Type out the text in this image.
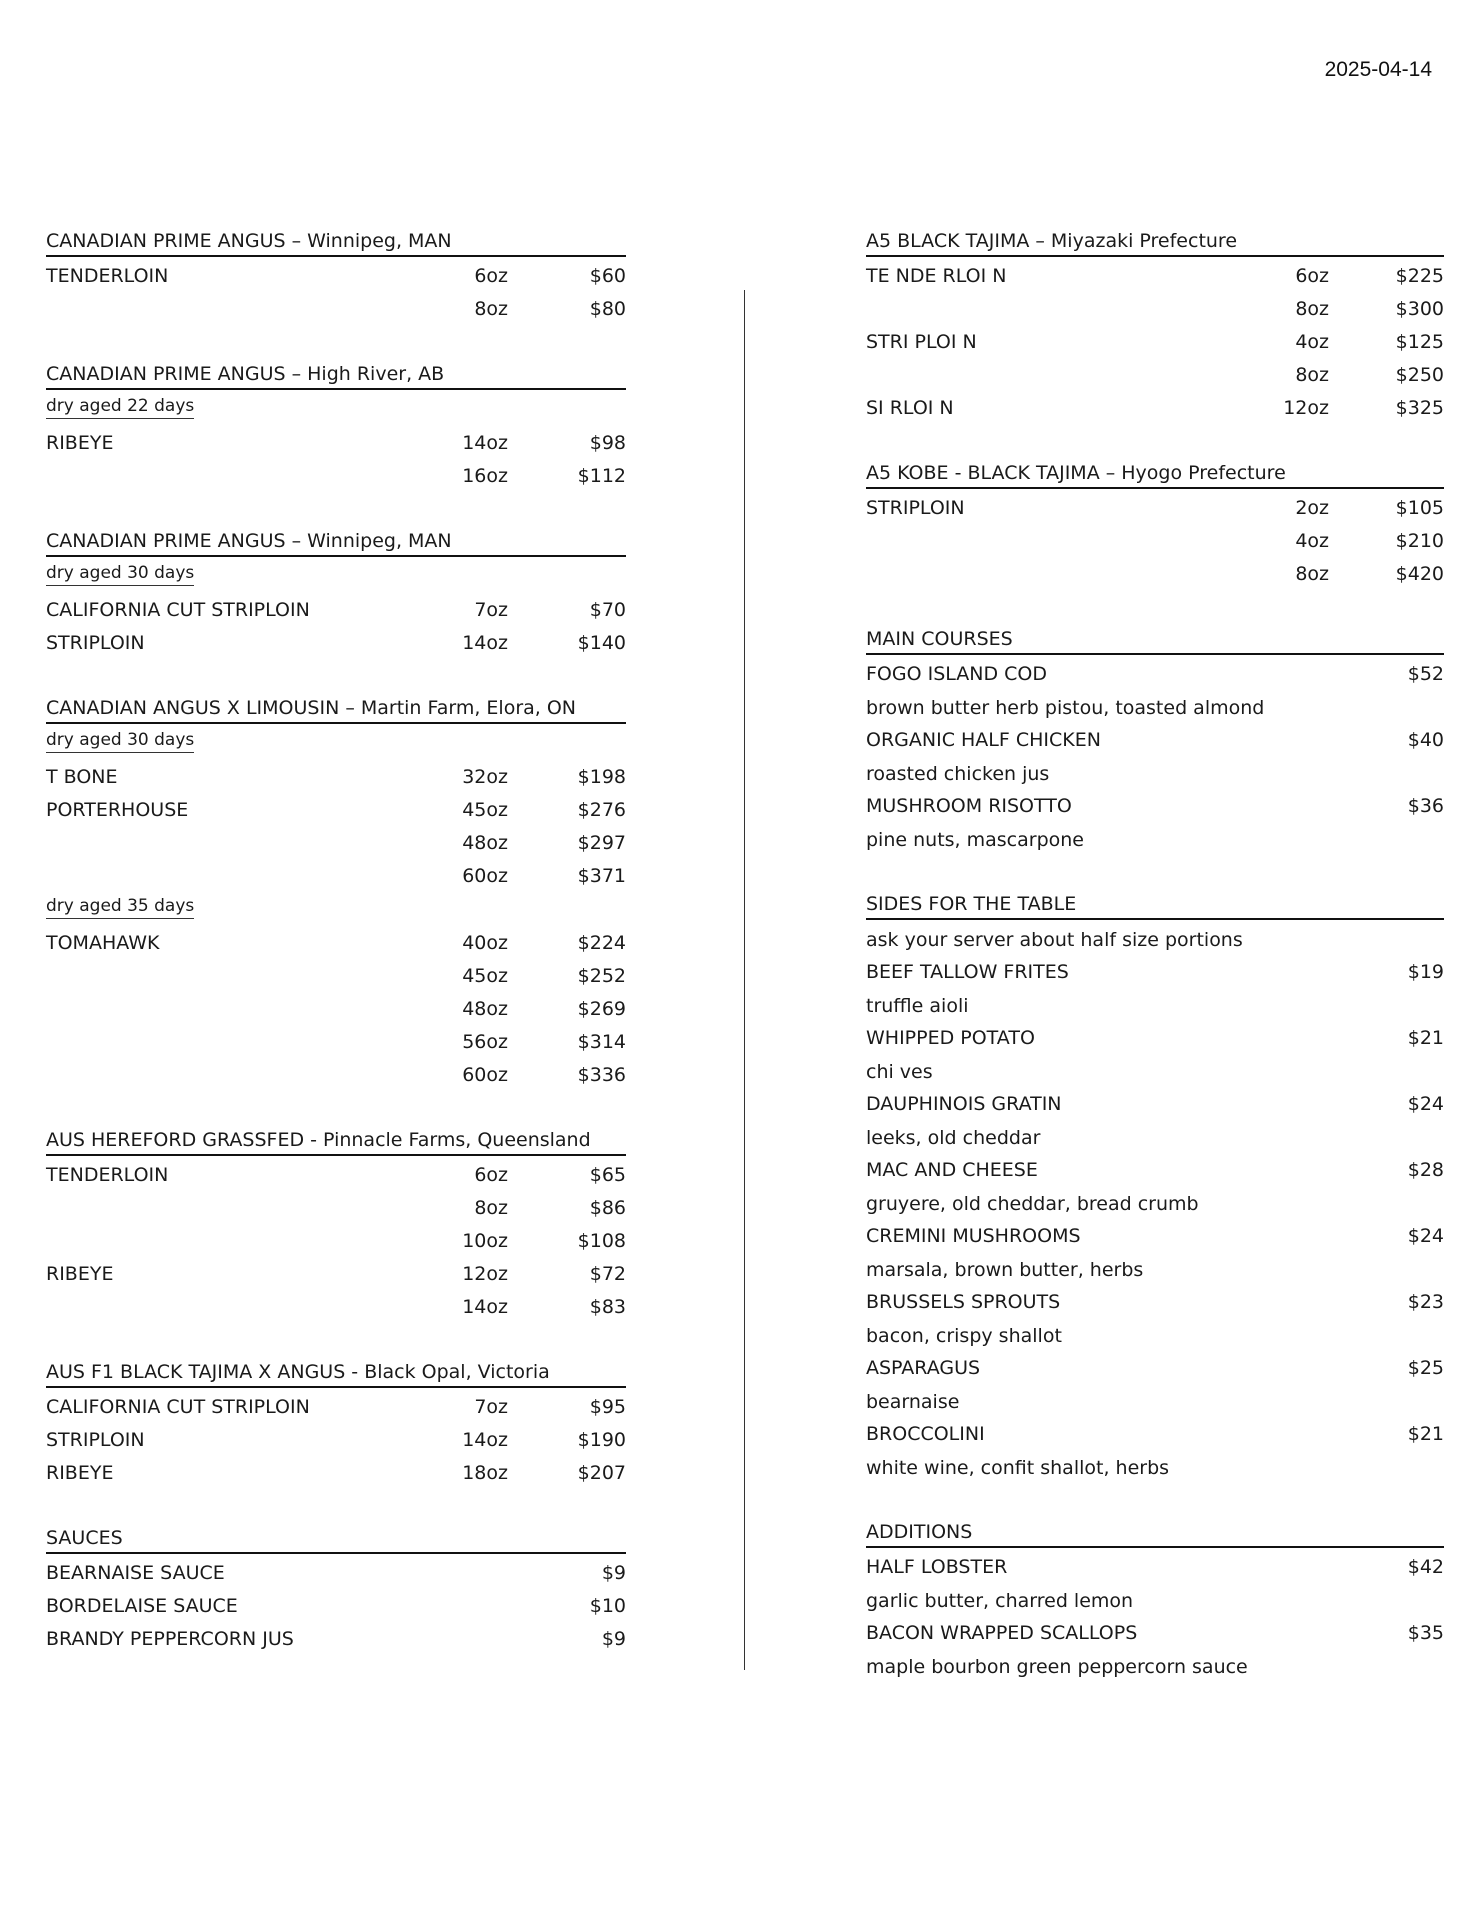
2025-04-14
CANADIAN PRIME ANGUS – Winnipeg, MAN
TENDERLOIN	6oz	$60
8oz	$80
CANADIAN PRIME ANGUS – High River, AB
dry aged 22 days
RIBEYE	14oz	$98
16oz	$112
CANADIAN PRIME ANGUS – Winnipeg, MAN
dry aged 30 days
CALIFORNIA CUT STRIPLOIN	7oz	$70
STRIPLOIN	14oz	$140
CANADIAN ANGUS X LIMOUSIN – Martin Farm, Elora, ON
dry aged 30 days
T BONE	32oz	$198
PORTERHOUSE	45oz	$276
48oz	$297
60oz	$371
dry aged 35 days
TOMAHAWK	40oz	$224
45oz	$252
48oz	$269
56oz	$314
60oz	$336
AUS HEREFORD GRASSFED - Pinnacle Farms, Queensland
TENDERLOIN	6oz	$65
8oz	$86
10oz	$108
RIBEYE	12oz	$72
14oz	$83
AUS F1 BLACK TAJIMA X ANGUS - Black Opal, Victoria
CALIFORNIA CUT STRIPLOIN	7oz	$95
STRIPLOIN	14oz	$190
RIBEYE	18oz	$207
SAUCES
BEARNAISE SAUCE	$9
BORDELAISE SAUCE	$10
BRANDY PEPPERCORN JUS	$9
A5 BLACK TAJIMA – Miyazaki Prefecture
TE NDE RLOI N	6oz	$225
8oz	$300
STRI PLOI N	4oz	$125
8oz	$250
SI RLOI N	12oz	$325
A5 KOBE - BLACK TAJIMA – Hyogo Prefecture
STRIPLOIN	2oz	$105
4oz	$210
8oz	$420
MAIN COURSES
FOGO ISLAND COD	$52
brown butter herb pistou, toasted almond
ORGANIC HALF CHICKEN	$40
roasted chicken jus
MUSHROOM RISOTTO	$36
pine nuts, mascarpone
SIDES FOR THE TABLE
ask your server about half size portions
BEEF TALLOW FRITES	$19
truffle aioli
WHIPPED POTATO	$21
chi ves
DAUPHINOIS GRATIN	$24
leeks, old cheddar
MAC AND CHEESE	$28
gruyere, old cheddar, bread crumb
CREMINI MUSHROOMS	$24
marsala, brown butter, herbs
BRUSSELS SPROUTS	$23
bacon, crispy shallot
ASPARAGUS	$25
bearnaise
BROCCOLINI	$21
white wine, confit shallot, herbs
ADDITIONS
HALF LOBSTER	$42
garlic butter, charred lemon
BACON WRAPPED SCALLOPS	$35
maple bourbon green peppercorn sauce
